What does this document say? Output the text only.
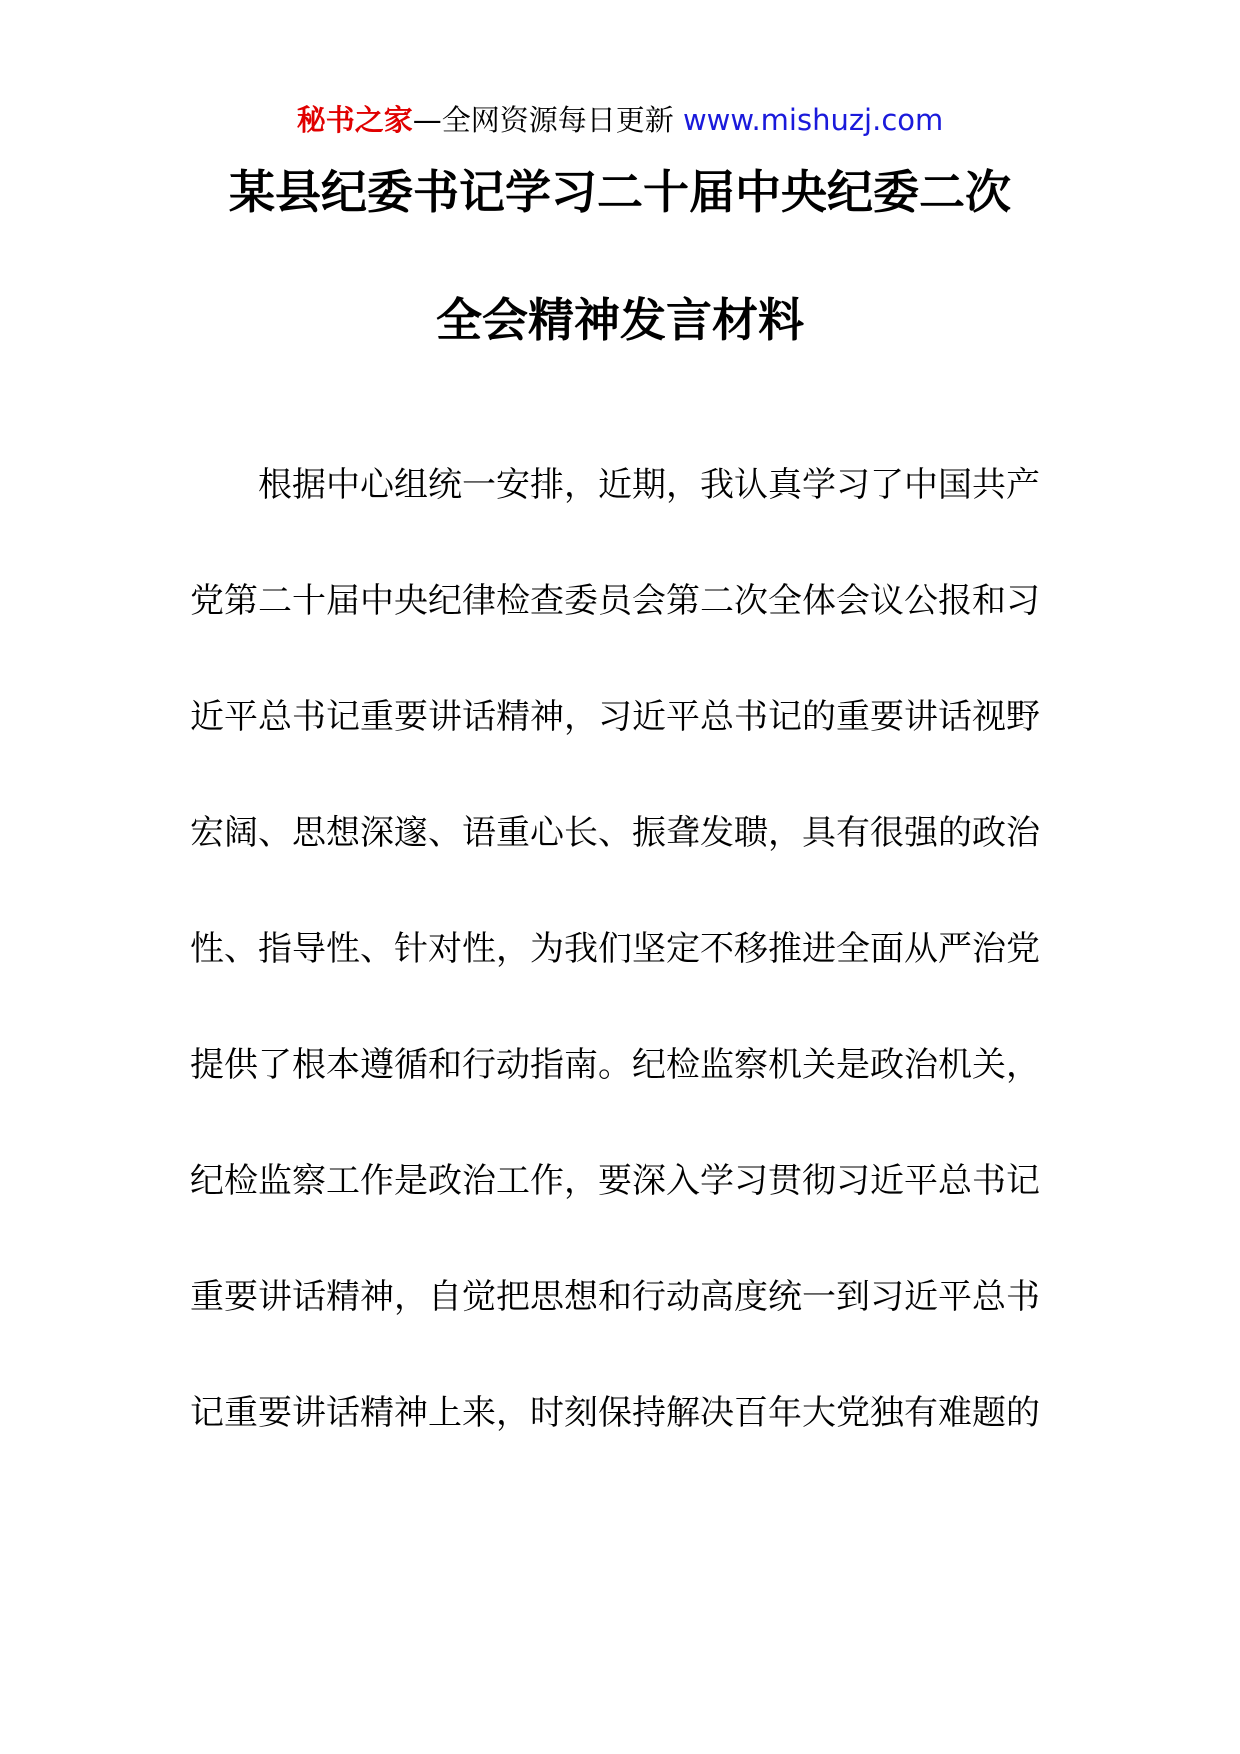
秘书之家—全网资源每日更新 www.mishuzj.com
某县纪委书记学习二十届中央纪委二次
全会精神发言材料
根据中心组统一安排，近期，我认真学习了中国共产
党第二十届中央纪律检查委员会第二次全体会议公报和习
近平总书记重要讲话精神，习近平总书记的重要讲话视野
宏阔、思想深邃、语重心长、振聋发聩，具有很强的政治
性、指导性、针对性，为我们坚定不移推进全面从严治党
提供了根本遵循和行动指南。纪检监察机关是政治机关，
纪检监察工作是政治工作，要深入学习贯彻习近平总书记
重要讲话精神，自觉把思想和行动高度统一到习近平总书
记重要讲话精神上来，时刻保持解决百年大党独有难题的
